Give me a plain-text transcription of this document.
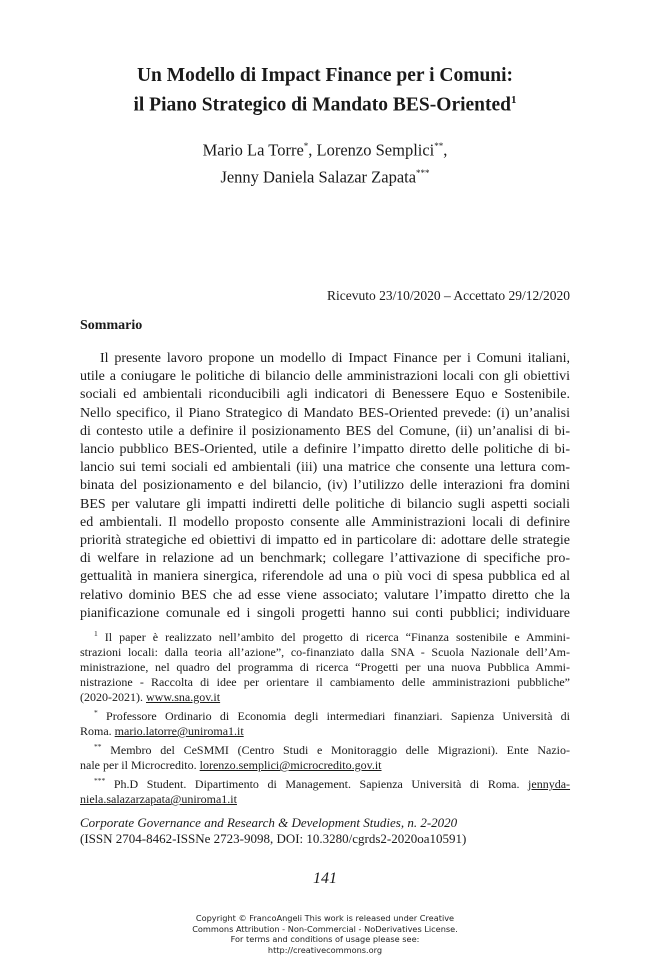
Un Modello di Impact Finance per i Comuni:
il Piano Strategico di Mandato BES-Oriented$^1$
Mario La Torre*, Lorenzo Semplici**,
Jenny Daniela Salazar Zapata***
Ricevuto 23/10/2020 – Accettato 29/12/2020
Sommario
Il presente lavoro propone un modello di Impact Finance per i Comuni italiani,
utile a coniugare le politiche di bilancio delle amministrazioni locali con gli obiettivi
sociali ed ambientali riconducibili agli indicatori di Benessere Equo e Sostenibile.
Nello specifico, il Piano Strategico di Mandato BES-Oriented prevede: (i) un’analisi
di contesto utile a definire il posizionamento BES del Comune, (ii) un’analisi di bi-
lancio pubblico BES-Oriented, utile a definire l’impatto diretto delle politiche di bi-
lancio sui temi sociali ed ambientali (iii) una matrice che consente una lettura com-
binata del posizionamento e del bilancio, (iv) l’utilizzo delle interazioni fra domini
BES per valutare gli impatti indiretti delle politiche di bilancio sugli aspetti sociali
ed ambientali. Il modello proposto consente alle Amministrazioni locali di definire
priorità strategiche ed obiettivi di impatto ed in particolare di: adottare delle strategie
di welfare in relazione ad un benchmark; collegare l’attivazione di specifiche pro-
gettualità in maniera sinergica, riferendole ad una o più voci di spesa pubblica ed al
relativo dominio BES che ad esse viene associato; valutare l’impatto diretto che la
pianificazione comunale ed i singoli progetti hanno sui conti pubblici; individuare
$^1$ Il paper è realizzato nell’ambito del progetto di ricerca “Finanza sostenibile e Ammini-
strazioni locali: dalla teoria all’azione”, co-finanziato dalla SNA - Scuola Nazionale dell’Am-
ministrazione, nel quadro del programma di ricerca “Progetti per una nuova Pubblica Ammi-
nistrazione - Raccolta di idee per orientare il cambiamento delle amministrazioni pubbliche”
(2020-2021). www.sna.gov.it
* Professore Ordinario di Economia degli intermediari finanziari. Sapienza Università di
Roma. mario.latorre@uniroma1.it
** Membro del CeSMMI (Centro Studi e Monitoraggio delle Migrazioni). Ente Nazio-
nale per il Microcredito. lorenzo.semplici@microcredito.gov.it
*** Ph.D Student. Dipartimento di Management. Sapienza Università di Roma. jennyda-
niela.salazarzapata@uniroma1.it
Corporate Governance and Research & Development Studies, n. 2-2020
(ISSN 2704-8462-ISSNe 2723-9098, DOI: 10.3280/cgrds2-2020oa10591)
141
Copyright © FrancoAngeli This work is released under Creative
Commons Attribution - Non-Commercial - NoDerivatives License.
For terms and conditions of usage please see:
http://creativecommons.org
